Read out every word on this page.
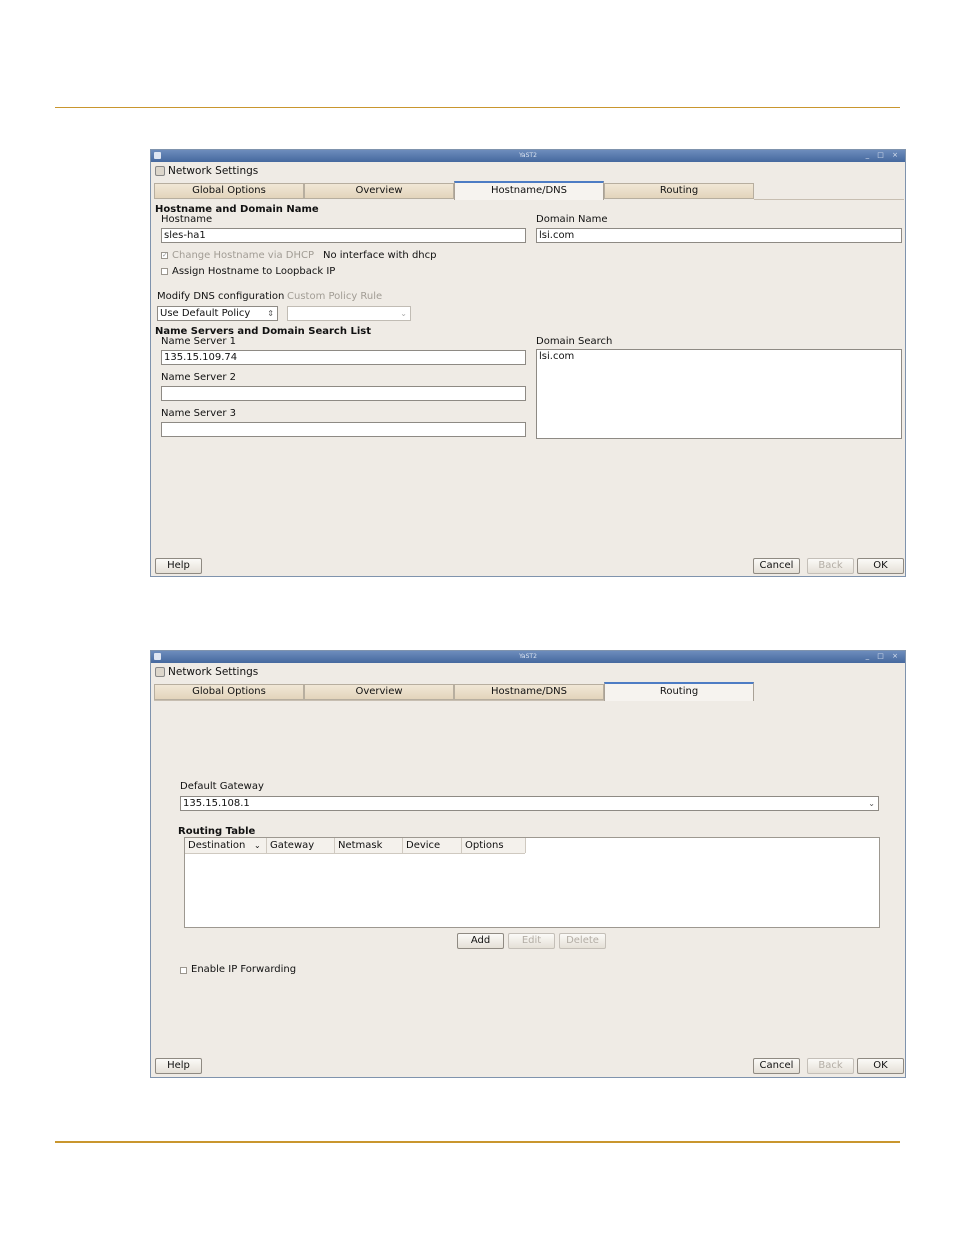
YaST2	_ □ ×
Network Settings
Global Options	Overview	Hostname/DNS	Routing
Hostname and Domain Name
Hostname
sles-ha1
Domain Name
lsi.com
✓ Change Hostname via DHCP No interface with dhcp
Assign Hostname to Loopback IP
Modify DNS configuration
Use Default Policy ⇕
Custom Policy Rule
⌄
Name Servers and Domain Search List
Name Server 1
135.15.109.74
Name Server 2
Name Server 3
Domain Search
lsi.com
Help	Cancel	Back	OK
YaST2	_ □ ×
Network Settings
Global Options	Overview	Hostname/DNS	Routing
Default Gateway
135.15.108.1	⌄
Routing Table
Destination	⌄ Gateway	Netmask	Device	Options
Add	Edit	Delete
Enable IP Forwarding
Help	Cancel	Back	OK
